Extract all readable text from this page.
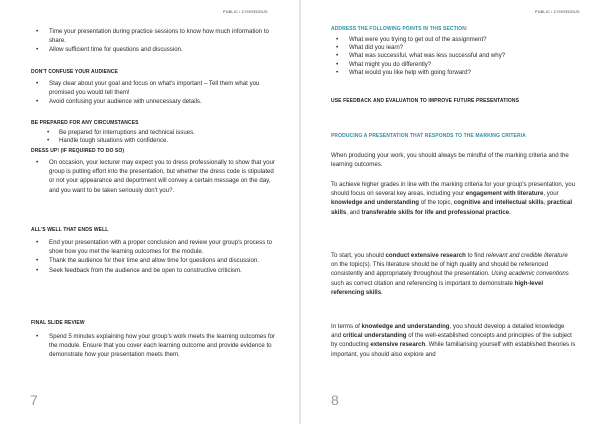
PUBLIC / CYHOEDDUS
• Time your presentation during practice sessions to know how much information to share.
• Allow sufficient time for questions and discussion.
DON'T CONFUSE YOUR AUDIENCE
• Stay clear about your goal and focus on what's important – Tell them what you promised you would tell them!
• Avoid confusing your audience with unnecessary details.
BE PREPARED FOR ANY CIRCUMSTANCES
• Be prepared for interruptions and technical issues.
• Handle tough situations with confidence.
DRESS UP! (IF REQUIRED TO DO SO)
• On occasion, your lecturer may expect you to dress professionally to show that your group is putting effort into the presentation, but whether the dress code is stipulated or not your appearance and deportment will convey a certain message on the day, and you want to be taken seriously don't you?.
ALL'S WELL THAT ENDS WELL
• End your presentation with a proper conclusion and review your group's process to show how you met the learning outcomes for the module.
• Thank the audience for their time and allow time for questions and discussion.
• Seek feedback from the audience and be open to constructive criticism.
FINAL SLIDE REVIEW
• Spend 5 minutes explaining how your group's work meets the learning outcomes for the module. Ensure that you cover each learning outcome and provide evidence to demonstrate how your presentation meets them.
7
PUBLIC / CYHOEDDUS
ADDRESS THE FOLLOWING POINTS IN THIS SECTION:
• What were you trying to get out of the assignment?
• What did you learn?
• What was successful, what was less successful and why?
• What might you do differently?
• What would you like help with going forward?
USE FEEDBACK AND EVALUATION TO IMPROVE FUTURE PRESENTATIONS
PRODUCING A PRESENTATION THAT RESPONDS TO THE MARKING CRITERIA

When producing your work, you should always be mindful of the marking criteria and the learning outcomes.

To achieve higher grades in line with the marking criteria for your group's presentation, you should focus on several key areas, including your engagement with literature, your knowledge and understanding of the topic, cognitive and intellectual skills, practical skills, and transferable skills for life and professional practice.

To start, you should conduct extensive research to find relevant and credible literature on the topic(s). This literature should be of high quality and should be referenced consistently and appropriately throughout the presentation. Using academic conventions such as correct citation and referencing is important to demonstrate high-level referencing skills.

In terms of knowledge and understanding, you should develop a detailed knowledge and critical understanding of the well-established concepts and principles of the subject by conducting extensive research. While familiarising yourself with established theories is important, you should also explore and

8
